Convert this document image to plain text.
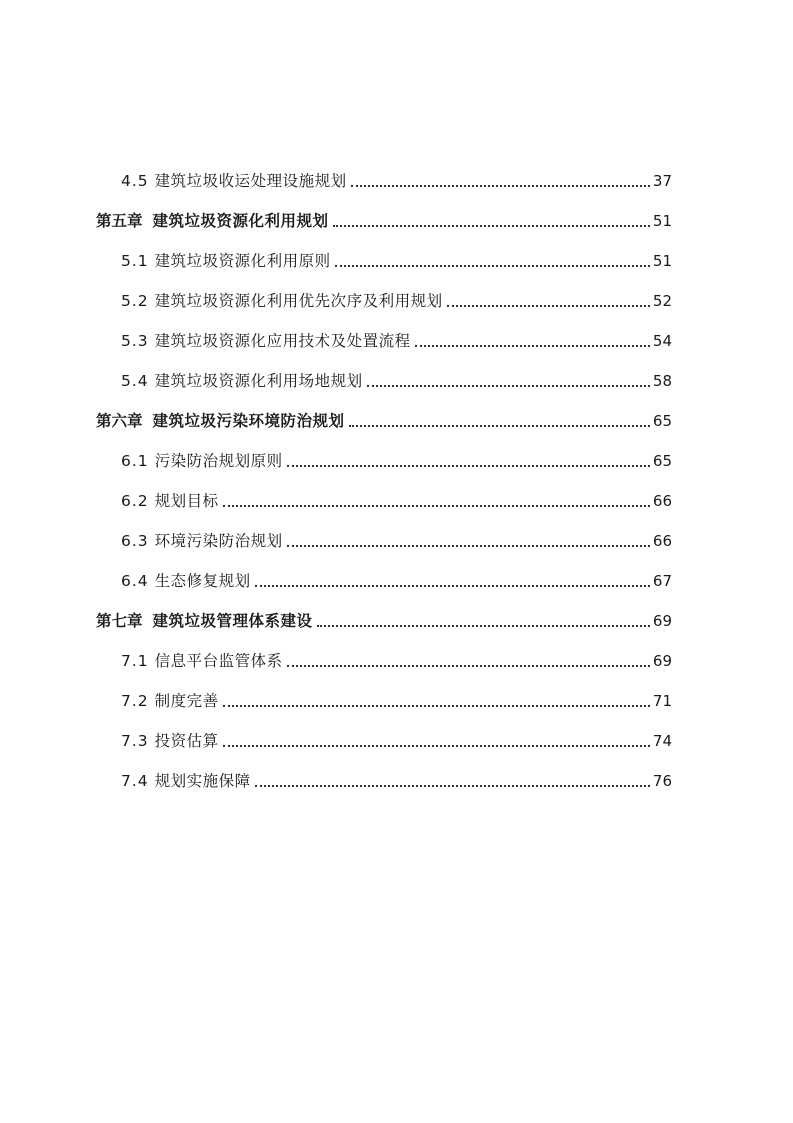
4.5 建筑垃圾收运处理设施规划	37
第五章 建筑垃圾资源化利用规划	51
5.1 建筑垃圾资源化利用原则	51
5.2 建筑垃圾资源化利用优先次序及利用规划	52
5.3 建筑垃圾资源化应用技术及处置流程	54
5.4 建筑垃圾资源化利用场地规划	58
第六章 建筑垃圾污染环境防治规划	65
6.1 污染防治规划原则	65
6.2 规划目标	66
6.3 环境污染防治规划	66
6.4 生态修复规划	67
第七章 建筑垃圾管理体系建设	69
7.1 信息平台监管体系	69
7.2 制度完善	71
7.3 投资估算	74
7.4 规划实施保障	76
